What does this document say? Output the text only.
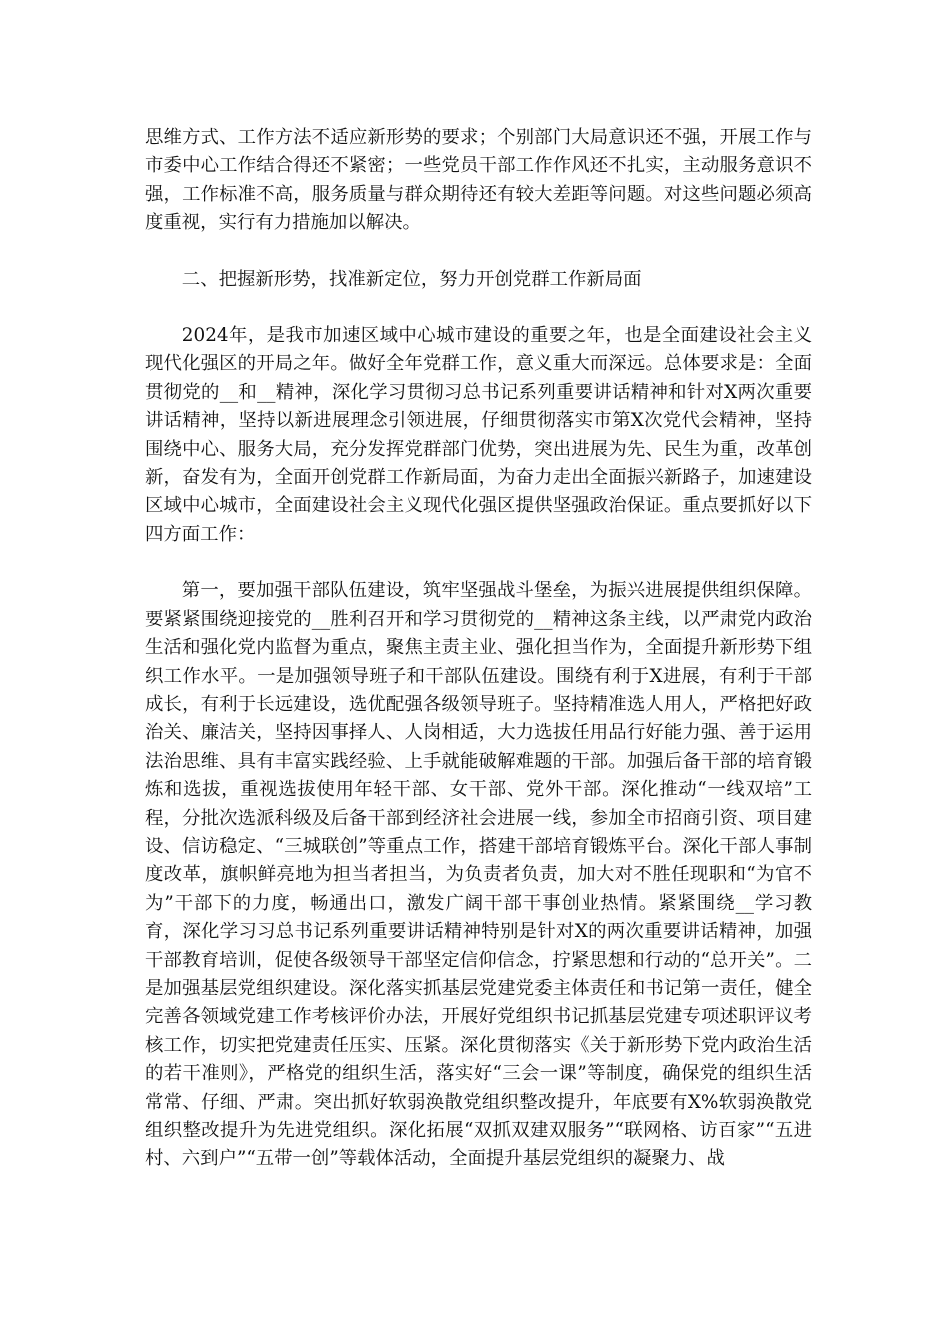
思维方式、工作方法不适应新形势的要求；个别部门大局意识还不强，开展工作与市委中心工作结合得还不紧密；一些党员干部工作作风还不扎实，主动服务意识不强，工作标准不高，服务质量与群众期待还有较大差距等问题。对这些问题必须高度重视，实行有力措施加以解决。

二、把握新形势，找准新定位，努力开创党群工作新局面

2024年，是我市加速区域中心城市建设的重要之年，也是全面建设社会主义现代化强区的开局之年。做好全年党群工作，意义重大而深远。总体要求是：全面贯彻党的__和__精神，深化学习贯彻习总书记系列重要讲话精神和针对X两次重要讲话精神，坚持以新进展理念引领进展，仔细贯彻落实市第X次党代会精神，坚持围绕中心、服务大局，充分发挥党群部门优势，突出进展为先、民生为重，改革创新，奋发有为，全面开创党群工作新局面，为奋力走出全面振兴新路子，加速建设区域中心城市，全面建设社会主义现代化强区提供坚强政治保证。重点要抓好以下四方面工作：

第一，要加强干部队伍建设，筑牢坚强战斗堡垒，为振兴进展提供组织保障。要紧紧围绕迎接党的__胜利召开和学习贯彻党的__精神这条主线，以严肃党内政治生活和强化党内监督为重点，聚焦主责主业、强化担当作为，全面提升新形势下组织工作水平。一是加强领导班子和干部队伍建设。围绕有利于X进展，有利于干部成长，有利于长远建设，选优配强各级领导班子。坚持精准选人用人，严格把好政治关、廉洁关，坚持因事择人、人岗相适，大力选拔任用品行好能力强、善于运用法治思维、具有丰富实践经验、上手就能破解难题的干部。加强后备干部的培育锻炼和选拔，重视选拔使用年轻干部、女干部、党外干部。深化推动“一线双培”工程，分批次选派科级及后备干部到经济社会进展一线，参加全市招商引资、项目建设、信访稳定、“三城联创”等重点工作，搭建干部培育锻炼平台。深化干部人事制度改革，旗帜鲜亮地为担当者担当，为负责者负责，加大对不胜任现职和“为官不为”干部下的力度，畅通出口，激发广阔干部干事创业热情。紧紧围绕__学习教育，深化学习习总书记系列重要讲话精神特别是针对X的两次重要讲话精神，加强干部教育培训，促使各级领导干部坚定信仰信念，拧紧思想和行动的“总开关”。二是加强基层党组织建设。深化落实抓基层党建党委主体责任和书记第一责任，健全完善各领域党建工作考核评价办法，开展好党组织书记抓基层党建专项述职评议考核工作，切实把党建责任压实、压紧。深化贯彻落实《关于新形势下党内政治生活的若干准则》，严格党的组织生活，落实好“三会一课”等制度，确保党的组织生活常常、仔细、严肃。突出抓好软弱涣散党组织整改提升，年底要有X%软弱涣散党组织整改提升为先进党组织。深化拓展“双抓双建双服务”“联网格、访百家”“五进村、六到户”“五带一创”等载体活动，全面提升基层党组织的凝聚力、战
